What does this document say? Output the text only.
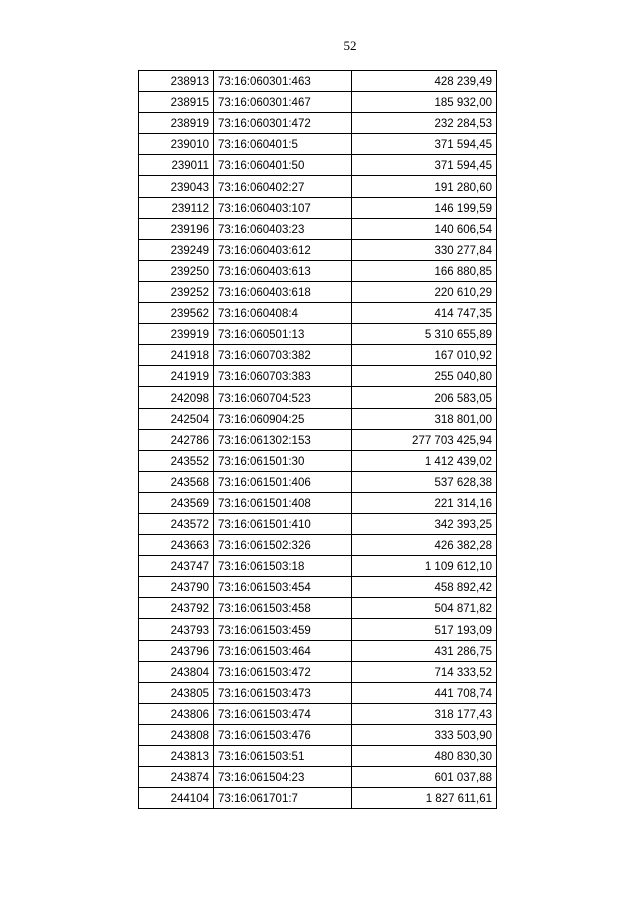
52
238913	73:16:060301:463	428 239,49
238915	73:16:060301:467	185 932,00
238919	73:16:060301:472	232 284,53
239010	73:16:060401:5	371 594,45
239011	73:16:060401:50	371 594,45
239043	73:16:060402:27	191 280,60
239112	73:16:060403:107	146 199,59
239196	73:16:060403:23	140 606,54
239249	73:16:060403:612	330 277,84
239250	73:16:060403:613	166 880,85
239252	73:16:060403:618	220 610,29
239562	73:16:060408:4	414 747,35
239919	73:16:060501:13	5 310 655,89
241918	73:16:060703:382	167 010,92
241919	73:16:060703:383	255 040,80
242098	73:16:060704:523	206 583,05
242504	73:16:060904:25	318 801,00
242786	73:16:061302:153	277 703 425,94
243552	73:16:061501:30	1 412 439,02
243568	73:16:061501:406	537 628,38
243569	73:16:061501:408	221 314,16
243572	73:16:061501:410	342 393,25
243663	73:16:061502:326	426 382,28
243747	73:16:061503:18	1 109 612,10
243790	73:16:061503:454	458 892,42
243792	73:16:061503:458	504 871,82
243793	73:16:061503:459	517 193,09
243796	73:16:061503:464	431 286,75
243804	73:16:061503:472	714 333,52
243805	73:16:061503:473	441 708,74
243806	73:16:061503:474	318 177,43
243808	73:16:061503:476	333 503,90
243813	73:16:061503:51	480 830,30
243874	73:16:061504:23	601 037,88
244104	73:16:061701:7	1 827 611,61
